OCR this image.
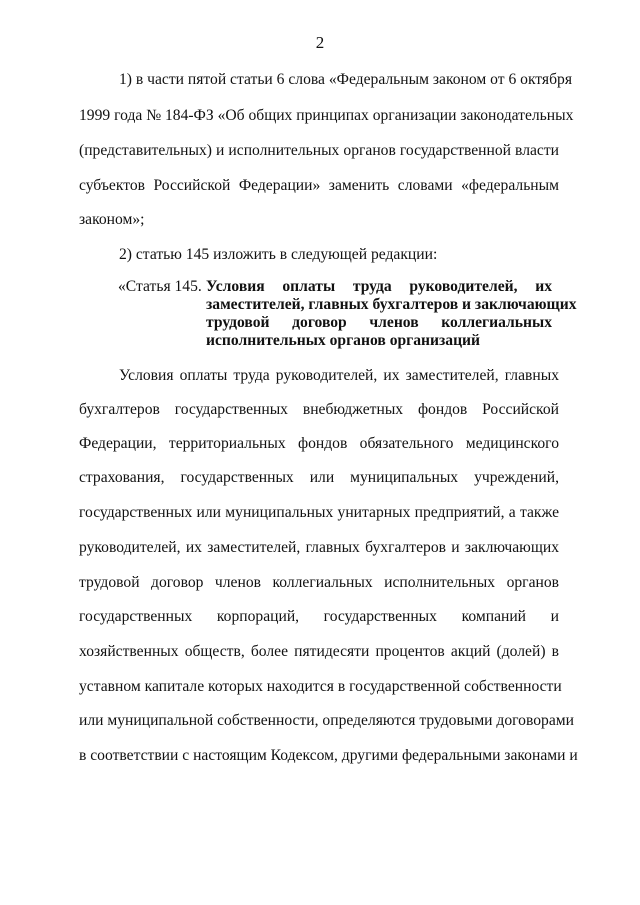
2
1) в части пятой статьи 6 слова «Федеральным законом от 6 октября
1999 года № 184-ФЗ «Об общих принципах организации законодательных
(представительных) и исполнительных органов государственной власти
субъектов Российской Федерации» заменить словами «федеральным
законом»;
2) статью 145 изложить в следующей редакции:
«Статья 145. Условия оплаты труда руководителей, их
заместителей, главных бухгалтеров и заключающих
трудовой договор членов коллегиальных
исполнительных органов организаций
Условия оплаты труда руководителей, их заместителей, главных
бухгалтеров государственных внебюджетных фондов Российской
Федерации, территориальных фондов обязательного медицинского
страхования, государственных или муниципальных учреждений,
государственных или муниципальных унитарных предприятий, а также
руководителей, их заместителей, главных бухгалтеров и заключающих
трудовой договор членов коллегиальных исполнительных органов
государственных корпораций, государственных компаний и
хозяйственных обществ, более пятидесяти процентов акций (долей) в
уставном капитале которых находится в государственной собственности
или муниципальной собственности, определяются трудовыми договорами
в соответствии с настоящим Кодексом, другими федеральными законами и
